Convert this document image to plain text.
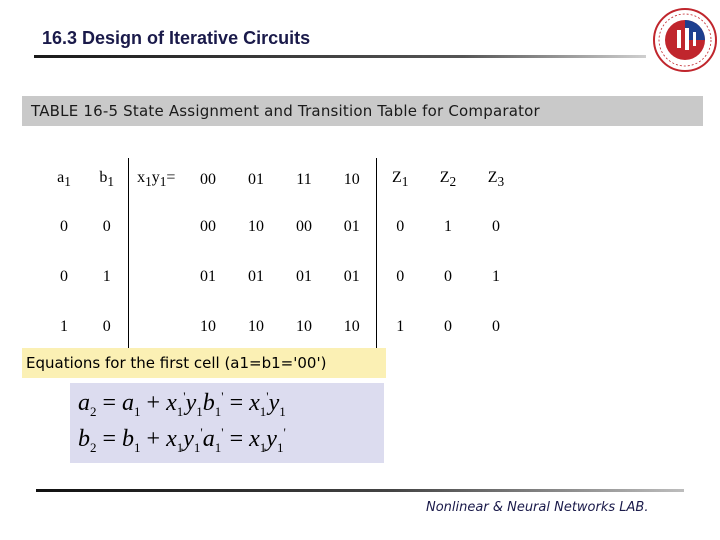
16.3 Design of Iterative Circuits
TABLE 16-5 State Assignment and Transition Table for Comparator
$a_1$	$b_1$	$x_1y_1=$	00	01	11	10	$Z_1$	$Z_2$	$Z_3$
0	0		00	10	00	01	0	1	0
0	1		01	01	01	01	0	0	1
1	0		10	10	10	10	1	0	0
Equations for the first cell (a1=b1='00')
$a_2 = a_1 + x_1'y_1b_1' = x_1'y_1$
$b_2 = b_1 + x_1y_1'a_1' = x_1y_1'$
Nonlinear & Neural Networks LAB.
